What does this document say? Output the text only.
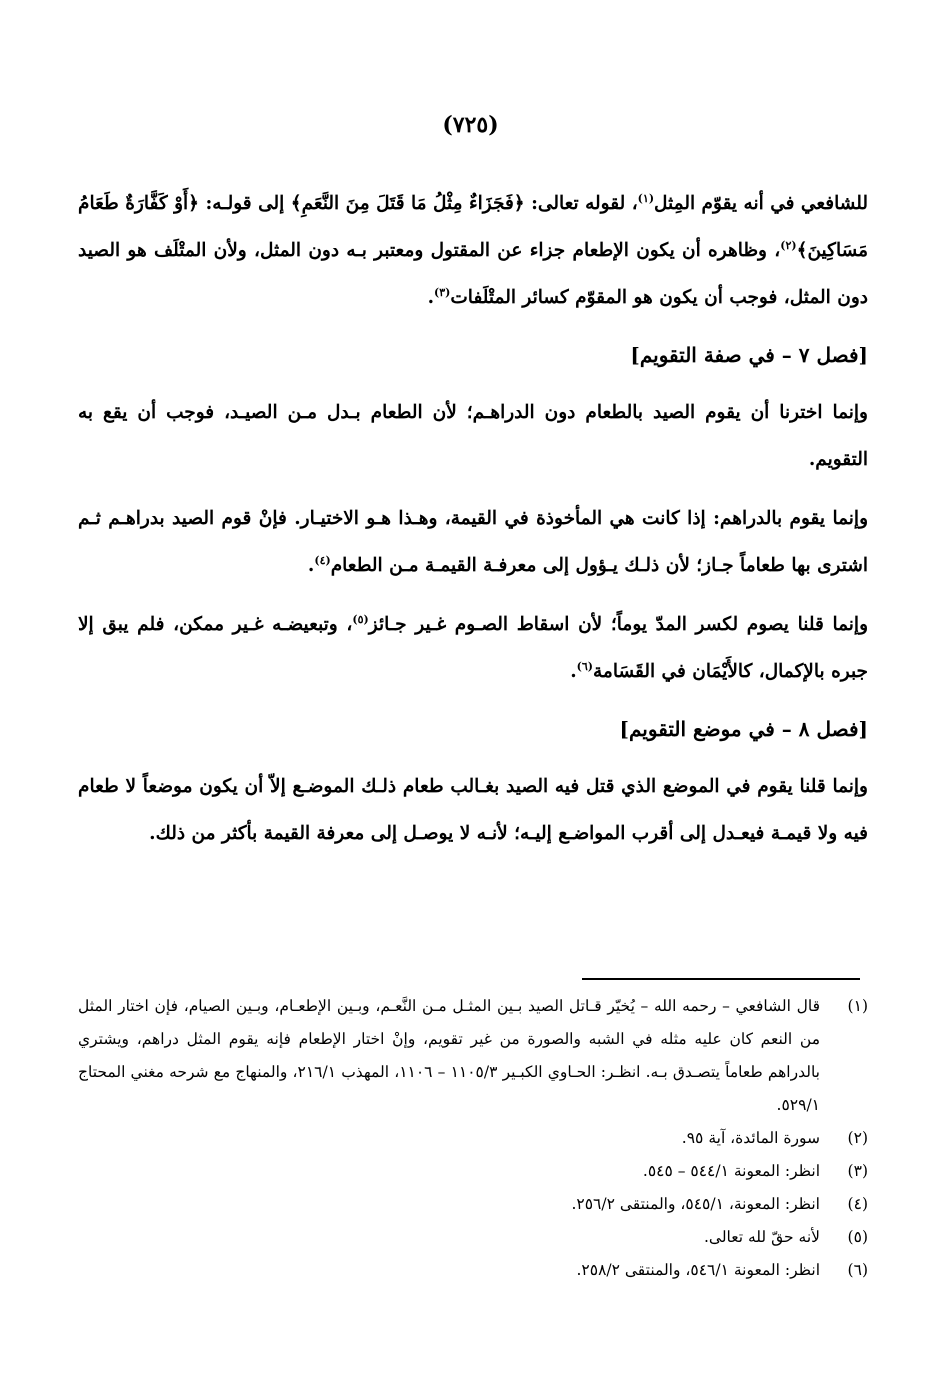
(٧٢٥)

للشافعي في أنه يقوّم المِثل$^{(١)}$، لقوله تعالى: ﴿فَجَزَاءٌ مِثْلُ مَا قَتَلَ مِنَ النَّعَمِ﴾ إلى قولـه: ﴿أَوْ كَفَّارَةٌ طَعَامُ مَسَاكِينَ﴾$^{(٢)}$، وظاهره أن يكون الإطعام جزاء عن المقتول ومعتبر بـه دون المثل، ولأن المتْلَف هو الصيد دون المثل، فوجب أن يكون هو المقوّم كسائر المتْلَفات$^{(٣)}$.

[فصل ٧ – في صفة التقويم]

وإنما اخترنا أن يقوم الصيد بالطعام دون الدراهـم؛ لأن الطعام بـدل مـن الصيـد، فوجب أن يقع به التقويم.

وإنما يقوم بالدراهم: إذا كانت هي المأخوذة في القيمة، وهـذا هـو الاختيـار. فإنْ قوم الصيد بدراهـم ثـم اشترى بها طعاماً جـاز؛ لأن ذلـك يـؤول إلى معرفـة القيمـة مـن الطعام$^{(٤)}$.

وإنما قلنا يصوم لكسر المدّ يوماً؛ لأن اسقاط الصـوم غـير جـائز$^{(٥)}$، وتبعيضـه غـير ممكن، فلم يبق إلا جبره بالإكمال، كالأَيْمَان في القَسَامة$^{(٦)}$.

[فصل ٨ – في موضع التقويم]

وإنما قلنا يقوم في الموضع الذي قتل فيه الصيد بغـالب طعام ذلـك الموضـع إلاّ أن يكون موضعاً لا طعام فيه ولا قيمـة فيعـدل إلى أقرب المواضـع إليـه؛ لأنـه لا يوصـل إلى معرفة القيمة بأكثر من ذلك.

(١)
قال الشافعي – رحمه الله – يُخيّر قـاتل الصيد بـين المثـل مـن النَّعـم، وبـين الإطعـام، وبـين الصيام، فإن اختار المثل من النعم كان عليه مثله في الشبه والصورة من غير تقويم، وإنْ اختار الإطعام فإنه يقوم المثل دراهم، ويشتري بالدراهم طعاماً يتصـدق بـه. انظـر: الحـاوي الكبـير ١١٠٥/٣ – ١١٠٦، المهذب ٢١٦/١، والمنهاج مع شرحه مغني المحتاج ٥٢٩/١.
(٢)
سورة المائدة، آية ٩٥.
(٣)
انظر: المعونة ٥٤٤/١ – ٥٤٥.
(٤)
انظر: المعونة، ٥٤٥/١، والمنتقى ٢٥٦/٢.
(٥)
لأنه حقّ لله تعالى.
(٦)
انظر: المعونة ٥٤٦/١، والمنتقى ٢٥٨/٢.
